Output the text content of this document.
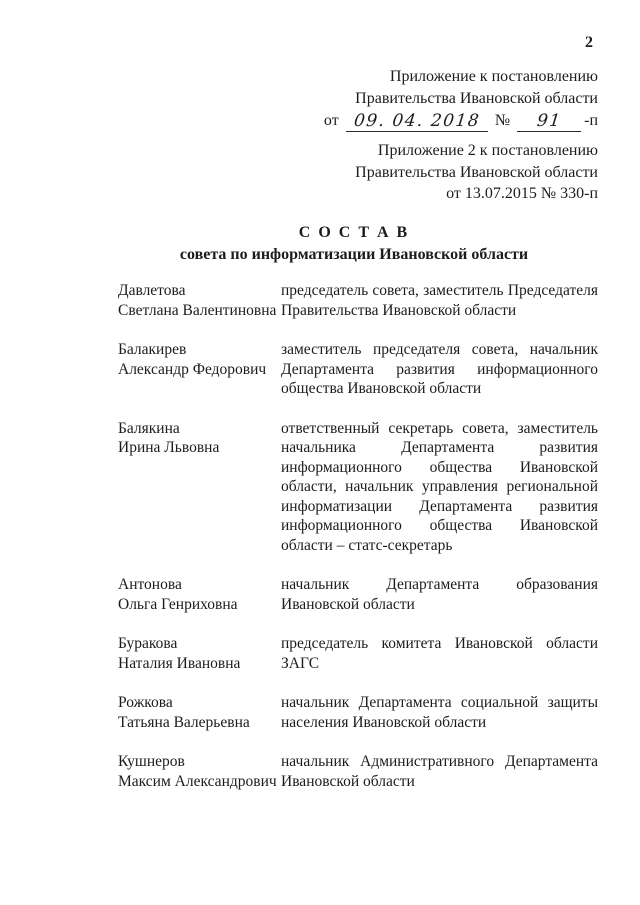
2
Приложение к постановлению
Правительства Ивановской области
от 09. 04. 2018 № 91 -п
Приложение 2 к постановлению
Правительства Ивановской области
от 13.07.2015 № 330-п
С О С Т А В
совета по информатизации Ивановской области
Давлетова
Светлана Валентиновна
председатель совета, заместитель Председателя Правительства Ивановской области
Балакирев
Александр Федорович
заместитель председателя совета, начальник Департамента развития информационного общества Ивановской области
Балякина
Ирина Львовна
ответственный секретарь совета, заместитель начальника Департамента развития информационного общества Ивановской области, начальник управления региональной информатизации Департамента развития информационного общества Ивановской области – статс-секретарь
Антонова
Ольга Генриховна
начальник Департамента образования Ивановской области
Буракова
Наталия Ивановна
председатель комитета Ивановской области ЗАГС
Рожкова
Татьяна Валерьевна
начальник Департамента социальной защиты населения Ивановской области
Кушнеров
Максим Александрович
начальник Административного Департамента Ивановской области
